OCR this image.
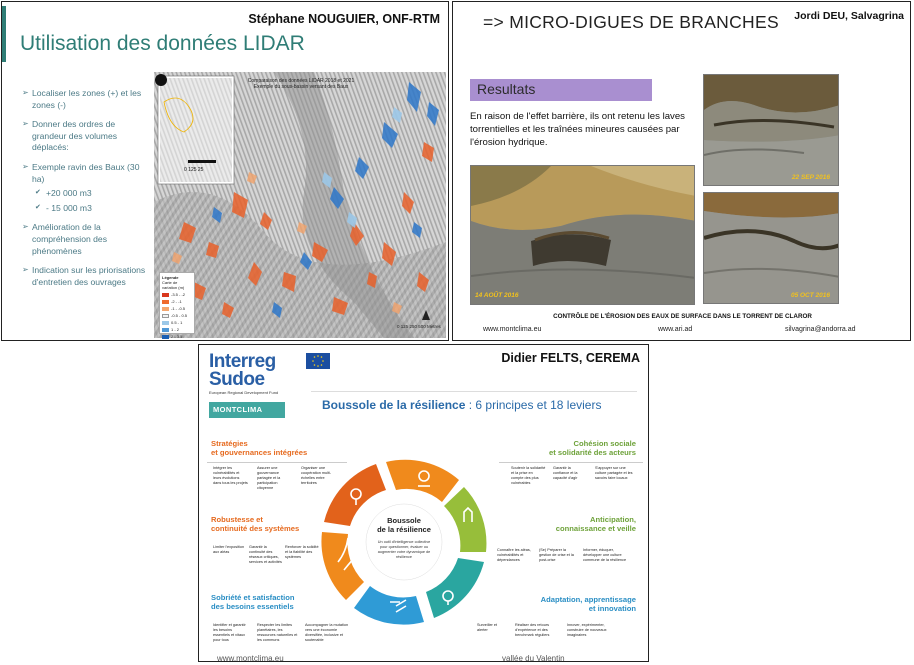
Stéphane NOUGUIER, ONF-RTM
Utilisation des données LIDAR
➢ Localiser les zones (+) et les zones (-)
➢ Donner des ordres de grandeur des volumes déplacés:
➢ Exemple ravin des Baux (30 ha)
✔ +20 000 m3
✔ - 15 000 m3
➢ Amélioration de la compréhension des phénomènes
➢ Indication sur les priorisations d'entretien des ouvrages
0 125 25
Comparaison des données LIDAR 2018 et 2021
Exemple du sous-bassin versant des Baux
Légende
Carte de variation (m)
-3.5 - -2
-2 - -1
-1 - -0.5
-0.5 - 0.5
0.5 - 1
1 - 2
2 - 3.5
0 125 250 500 Mètres
=> MICRO-DIGUES DE BRANCHES Jordi DEU, Salvagrina
Resultats
En raison de l'effet barrière, ils ont retenu les laves torrentielles et les traînées mineures causées par l'érosion hydrique.
22 SEP 2016
14 AOÛT 2016	05 OCT 2016
CONTRÔLE DE L'ÉROSION DES EAUX DE SURFACE DANS LE TORRENT DE CLAROR
www.montclima.eu	www.ari.ad	silvagrina@andorra.ad
Interreg
Sudoe
European Regional Development Fund
MONTCLIMA
Didier FELTS, CEREMA
Boussole de la résilience : 6 principes et 18 leviers
Stratégies
et gouvernances intégrées
Cohésion sociale
et solidarité des acteurs
Robustesse et
continuité des systèmes
Anticipation,
connaissance et veille
Sobriété et satisfaction
des besoins essentiels
Adaptation, apprentissage
et innovation
Intégrer les vulnérabilités et leurs évolutions dans tous les projets
Assurer une gouvernance partagée et la participation citoyenne
Organiser une coopération multi-échelles entre territoires
Soutenir la solidarité et la prise en compte des plus vulnérables
Garantir la confiance et la capacité d'agir
S'appuyer sur une culture partagée et les savoirs faire locaux
Limiter l'exposition aux aléas
Garantir la continuité des réseaux critiques, services et activités
Renforcer la solidité et la fiabilité des systèmes
Connaître les aléas, vulnérabilités et dépendances
(Se) Préparer la gestion de crise et la post-crise
Informer, éduquer, développer une culture commune de la résilience
Identifier et garantir les besoins essentiels et vitaux pour tous
Respecter les limites planétaires, les ressources naturelles et les communs
Accompagner la mutation vers une économie diversifiée, inclusive et soutenable
Surveiller et alerter
Réaliser des retours d'expérience et des benchmark réguliers
Innover, expérimenter, construire de nouveaux imaginaires
Boussole
de la résilience
Un outil d'intelligence collective pour questionner, évaluer ou augmenter votre dynamique de résilience
www.montclima.eu	vallée du Valentin
